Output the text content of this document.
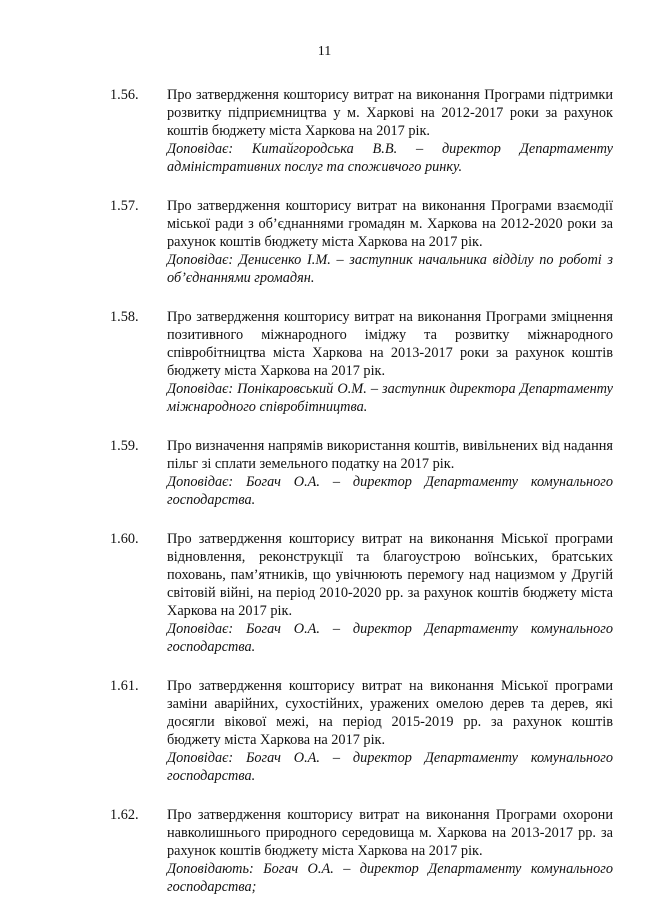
11
1.56. Про затвердження кошторису витрат на виконання Програми підтримки розвитку підприємництва у м. Харкові на 2012-2017 роки за рахунок коштів бюджету міста Харкова на 2017 рік.
Доповідає: Китайгородська В.В. – директор Департаменту адміністративних послуг та споживчого ринку.
1.57. Про затвердження кошторису витрат на виконання Програми взаємодії міської ради з об’єднаннями громадян м. Харкова на 2012-2020 роки за рахунок коштів бюджету міста Харкова на 2017 рік.
Доповідає: Денисенко І.М. – заступник начальника відділу по роботі з об’єднаннями громадян.
1.58. Про затвердження кошторису витрат на виконання Програми зміцнення позитивного міжнародного іміджу та розвитку міжнародного співробітництва міста Харкова на 2013-2017 роки за рахунок коштів бюджету міста Харкова на 2017 рік.
Доповідає: Понікаровський О.М. – заступник директора Департаменту міжнародного співробітництва.
1.59. Про визначення напрямів використання коштів, вивільнених від надання пільг зі сплати земельного податку на 2017 рік.
Доповідає: Богач О.А. – директор Департаменту комунального господарства.
1.60. Про затвердження кошторису витрат на виконання Міської програми відновлення, реконструкції та благоустрою воїнських, братських поховань, пам’ятників, що увічнюють перемогу над нацизмом у Другій світовій війні, на період 2010-2020 рр. за рахунок коштів бюджету міста Харкова на 2017 рік.
Доповідає: Богач О.А. – директор Департаменту комунального господарства.
1.61. Про затвердження кошторису витрат на виконання Міської програми заміни аварійних, сухостійних, уражених омелою дерев та дерев, які досягли вікової межі, на період 2015-2019 рр. за рахунок коштів бюджету міста Харкова на 2017 рік.
Доповідає: Богач О.А. – директор Департаменту комунального господарства.
1.62. Про затвердження кошторису витрат на виконання Програми охорони навколишнього природного середовища м. Харкова на 2013-2017 рр. за рахунок коштів бюджету міста Харкова на 2017 рік.
Доповідають: Богач О.А. – директор Департаменту комунального господарства;
